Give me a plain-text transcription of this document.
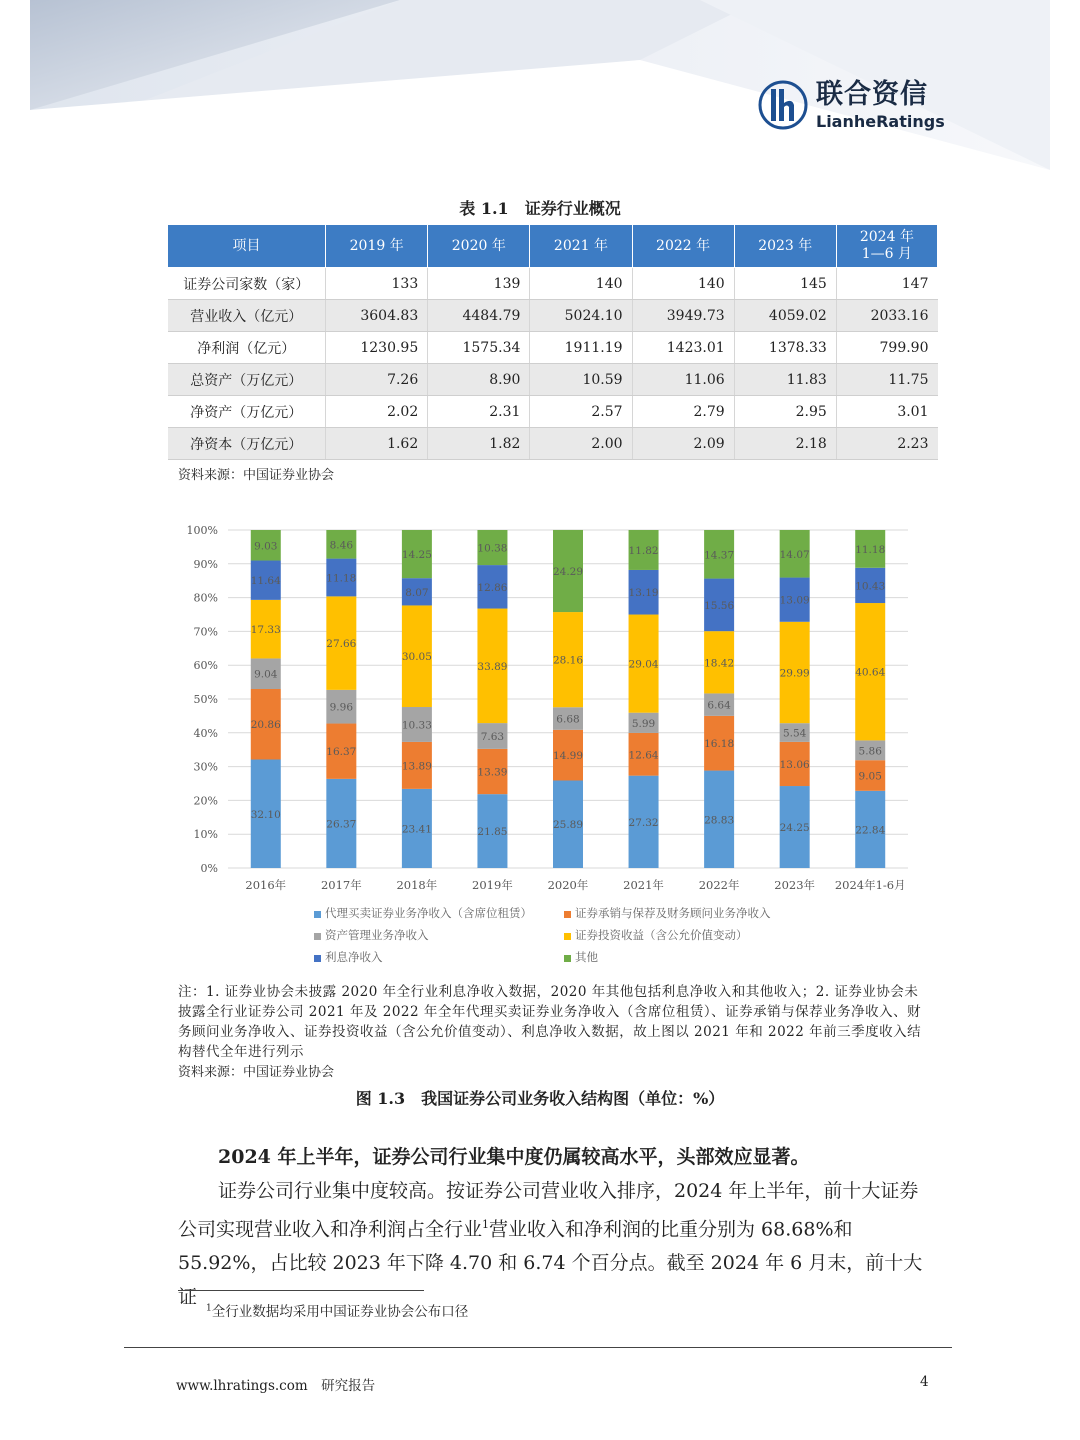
联合资信
LianheRatings
表 1.1　证券行业概况
项目	2019 年	2020 年	2021 年	2022 年	2023 年	2024 年
1—6 月
证券公司家数（家）	133	139	140	140	145	147
营业收入（亿元）	3604.83	4484.79	5024.10	3949.73	4059.02	2033.16
净利润（亿元）	1230.95	1575.34	1911.19	1423.01	1378.33	799.90
总资产（万亿元）	7.26	8.90	10.59	11.06	11.83	11.75
净资产（万亿元）	2.02	2.31	2.57	2.79	2.95	3.01
净资本（万亿元）	1.62	1.82	2.00	2.09	2.18	2.23
资料来源：中国证券业协会
0%
10%
20%
30%
40%
50%
60%
70%
80%
90%
100%
32.10
20.86
9.04
17.33
11.64
9.03
2016年
26.37
16.37
9.96
27.66
11.18
8.46
2017年
23.41
13.89
10.33
30.05
8.07
14.25
2018年
21.85
13.39
7.63
33.89
12.86
10.38
2019年
25.89
14.99
6.68
28.16
24.29
2020年
27.32
12.64
5.99
29.04
13.19
11.82
2021年
28.83
16.18
6.64
18.42
15.56
14.37
2022年
24.25
13.06
5.54
29.99
13.09
14.07
2023年
22.84
9.05
5.86
40.64
10.43
11.18
2024年1-6月
代理买卖证券业务净收入（含席位租赁）	证券承销与保荐及财务顾问业务净收入
资产管理业务净收入	证券投资收益（含公允价值变动）
利息净收入	其他
注：1. 证券业协会未披露 2020 年全行业利息净收入数据，2020 年其他包括利息净收入和其他收入；2. 证券业协会未披露全行业证券公司 2021 年及 2022 年全年代理买卖证券业务净收入（含席位租赁）、证券承销与保荐业务净收入、财务顾问业务净收入、证券投资收益（含公允价值变动）、利息净收入数据，故上图以 2021 年和 2022 年前三季度收入结构替代全年进行列示
资料来源：中国证券业协会
图 1.3　我国证券公司业务收入结构图（单位：%）
2024 年上半年，证券公司行业集中度仍属较高水平，头部效应显著。
证券公司行业集中度较高。按证券公司营业收入排序，2024 年上半年，前十大证券公司实现营业收入和净利润占全行业$^1$营业收入和净利润的比重分别为 68.68%和 55.92%，占比较 2023 年下降 4.70 和 6.74 个百分点。截至 2024 年 6 月末，前十大证
$^1$全行业数据均采用中国证券业协会公布口径
www.lhratings.com　研究报告	4
